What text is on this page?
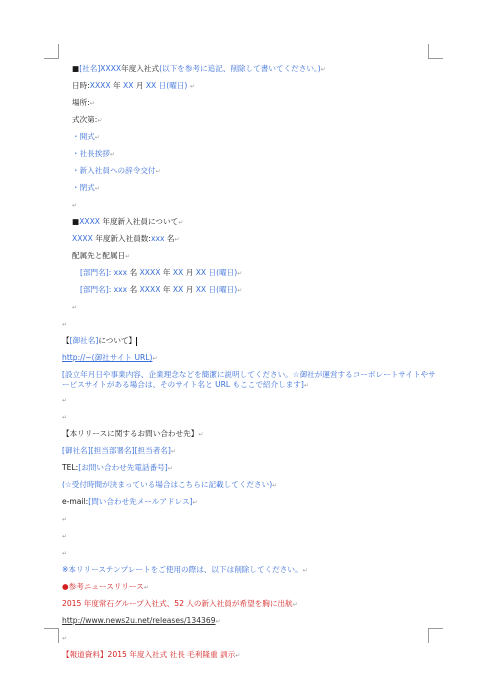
■[社名]XXXX年度入社式(以下を参考に追記、削除して書いてください。)↵
日時:XXXX 年 XX 月 XX 日(曜日) ↵
場所:↵
式次第:↵
・開式↵
・社長挨拶↵
・新入社員への辞令交付↵
・閉式↵
↵
■XXXX 年度新入社員について↵
XXXX 年度新入社員数:xxx 名↵
配属先と配属日↵
[部門名]: xxx 名 XXXX 年 XX 月 XX 日(曜日)↵
[部門名]: xxx 名 XXXX 年 XX 月 XX 日(曜日)↵
↵
↵
【[御社名]について】
http://~(御社サイト URL)↵
[設立年月日や事業内容、企業理念などを簡潔に説明してください。☆御社が運営するコーポレートサイトやサービスサイトがある場合は、そのサイト名と URL もここで紹介します]↵
↵
↵
【本リリースに関するお問い合わせ先】↵
[御社名][担当部署名][担当者名]↵
TEL:[お問い合わせ先電話番号]↵
(☆受付時間が決まっている場合はこちらに記載してください)↵
e-mail:[問い合わせ先メールアドレス]↵
↵
↵
↵
※本リリーステンプレートをご使用の際は、以下は削除してください。↵
●参考ニュースリリース↵
2015 年度常石グループ入社式、52 人の新入社員が希望を胸に出航↵
http://www.news2u.net/releases/134369↵
↵
【報道資料】2015 年度入社式 社長 毛利隆重 訓示↵
